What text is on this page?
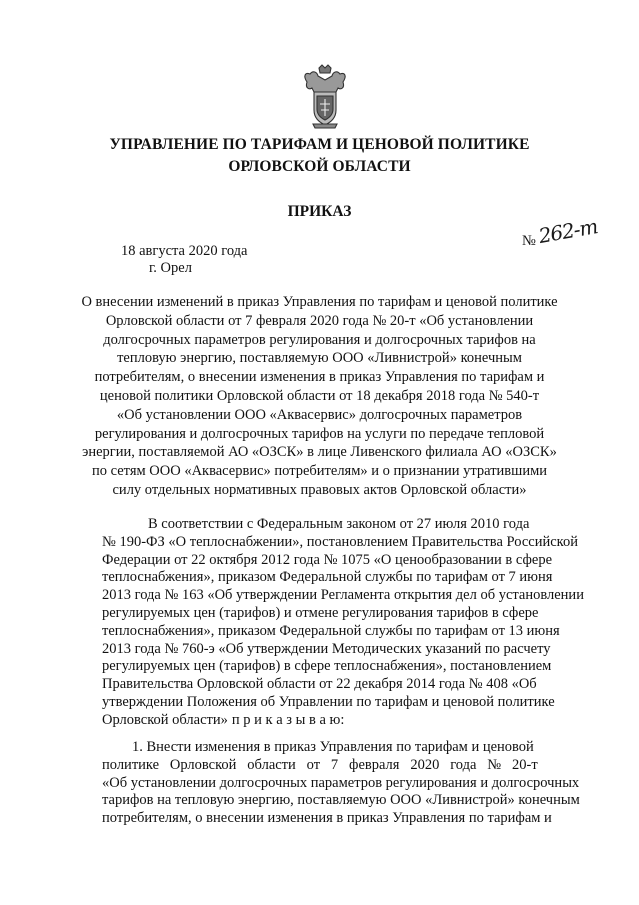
УПРАВЛЕНИЕ ПО ТАРИФАМ И ЦЕНОВОЙ ПОЛИТИКЕ
ОРЛОВСКОЙ ОБЛАСТИ
ПРИКАЗ
18 августа 2020 года
г. Орел
№ 262-т
О внесении изменений в приказ Управления по тарифам и ценовой политике
Орловской области от 7 февраля 2020 года № 20-т «Об установлении
долгосрочных параметров регулирования и долгосрочных тарифов на
тепловую энергию, поставляемую ООО «Ливнистрой» конечным
потребителям, о внесении изменения в приказ Управления по тарифам и
ценовой политики Орловской области от 18 декабря 2018 года № 540-т
«Об установлении ООО «Аквасервис» долгосрочных параметров
регулирования и долгосрочных тарифов на услуги по передаче тепловой
энергии, поставляемой АО «ОЗСК» в лице Ливенского филиала АО «ОЗСК»
по сетям ООО «Аквасервис» потребителям» и о признании утратившими
силу отдельных нормативных правовых актов Орловской области»
В соответствии с Федеральным законом от 27 июля 2010 года
№ 190-ФЗ «О теплоснабжении», постановлением Правительства Российской
Федерации от 22 октября 2012 года № 1075 «О ценообразовании в сфере
теплоснабжения», приказом Федеральной службы по тарифам от 7 июня
2013 года № 163 «Об утверждении Регламента открытия дел об установлении
регулируемых цен (тарифов) и отмене регулирования тарифов в сфере
теплоснабжения», приказом Федеральной службы по тарифам от 13 июня
2013 года № 760-э «Об утверждении Методических указаний по расчету
регулируемых цен (тарифов) в сфере теплоснабжения», постановлением
Правительства Орловской области от 22 декабря 2014 года № 408 «Об
утверждении Положения об Управлении по тарифам и ценовой политике
Орловской области» п р и к а з ы в а ю:
1. Внести изменения в приказ Управления по тарифам и ценовой
политике   Орловской   области   от   7   февраля   2020   года   №   20-т
«Об установлении долгосрочных параметров регулирования и долгосрочных
тарифов на тепловую энергию, поставляемую ООО «Ливнистрой» конечным
потребителям, о внесении изменения в приказ Управления по тарифам и
